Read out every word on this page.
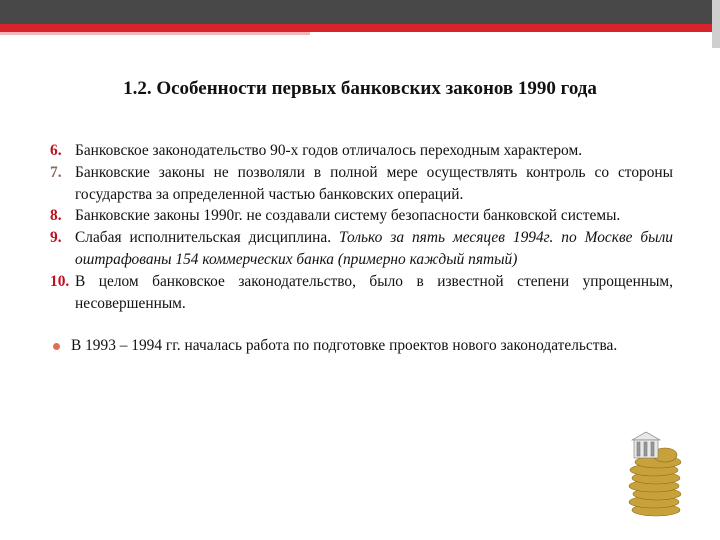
1.2. Особенности первых банковских законов 1990 года
6. Банковское законодательство 90-х годов отличалось переходным характером.
7. Банковские законы не позволяли в полной мере осуществлять контроль со стороны государства за определенной частью банковских операций.
8. Банковские законы 1990г. не создавали систему безопасности банковской системы.
9. Слабая исполнительская дисциплина. Только за пять месяцев 1994г. по Москве были оштрафованы 154 коммерческих банка (примерно каждый пятый)
10. В целом банковское законодательство, было в известной степени упрощенным, несовершенным.
В 1993 – 1994 гг. началась работа по подготовке проектов нового законодательства.
